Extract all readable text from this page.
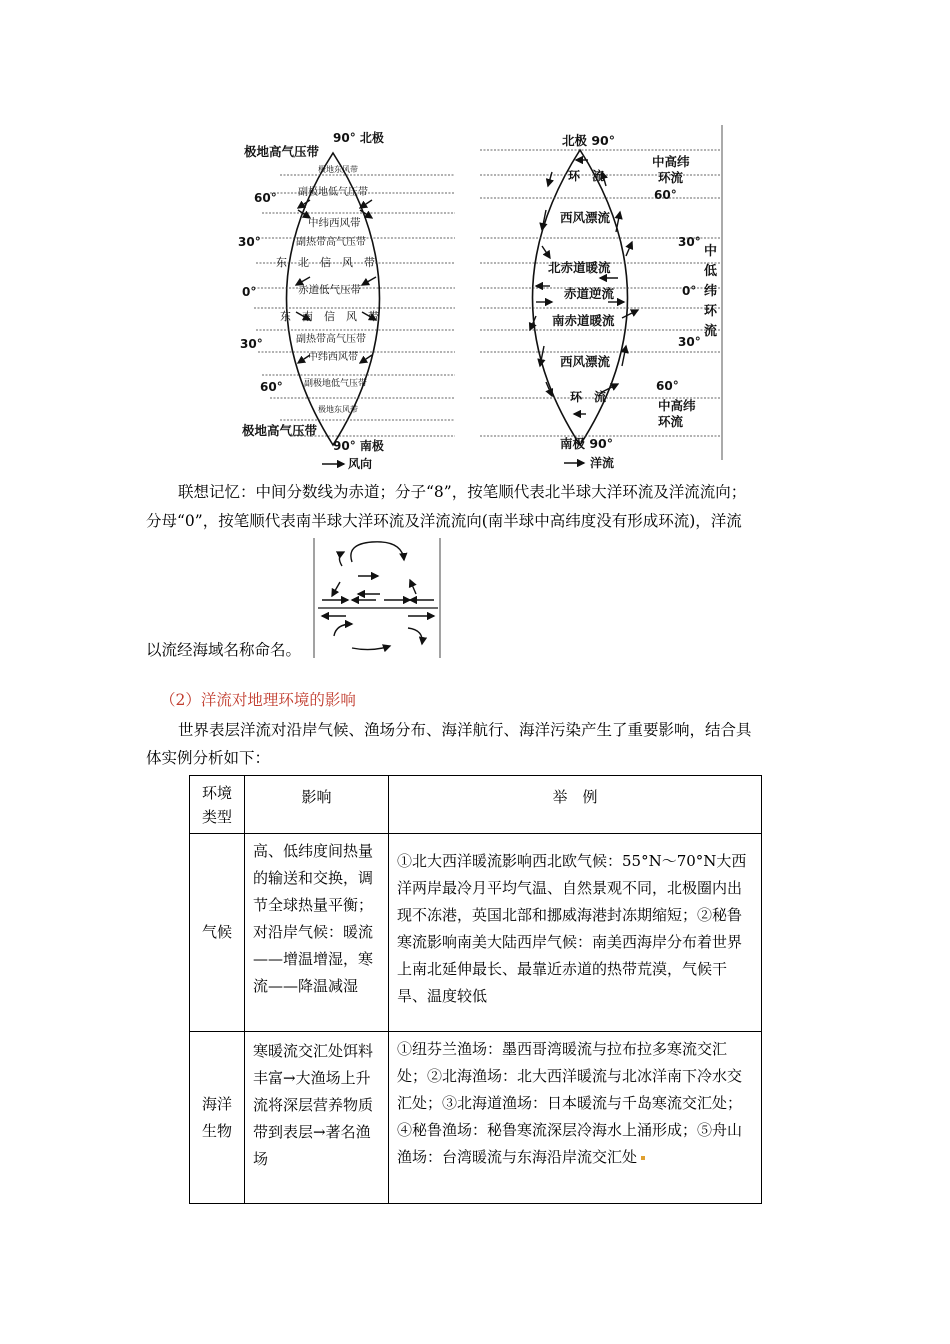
90° 北极
极地高气压带
极地东风带
副极地低气压带
中纬西风带
副热带高气压带
东　北　信　风　带
赤道低气压带
东　南　信　风　带
副热带高气压带
中纬西风带
副极地低气压带
极地东风带
60°
30°
0°
30°
60°
极地高气压带
90° 南极
风向
北极 90°
环　流
西风漂流
北赤道暖流
赤道逆流
南赤道暖流
西风漂流
环　流
中高纬
环流
60°
30°
0°
30°
中
低
纬
环
流
60°
中高纬
环流
南极 90°
洋流
联想记忆：中间分数线为赤道；分子“8”，按笔顺代表北半球大洋环流及洋流流向；
分母“0”，按笔顺代表南半球大洋环流及洋流流向(南半球中高纬度没有形成环流)，洋流
以流经海域名称命名。
（2）洋流对地理环境的影响
世界表层洋流对沿岸气候、渔场分布、海洋航行、海洋污染产生了重要影响，结合具
体实例分析如下：
环境类型	影响	举　例
气候	高、低纬度间热量的输送和交换，调节全球热量平衡；对沿岸气候：暖流——增温增湿，寒流——降温减湿	①北大西洋暖流影响西北欧气候：55°N～70°N大西洋两岸最冷月平均气温、自然景观不同，北极圈内出现不冻港，英国北部和挪威海港封冻期缩短；②秘鲁寒流影响南美大陆西岸气候：南美西海岸分布着世界上南北延伸最长、最靠近赤道的热带荒漠，气候干旱、温度较低
海洋生物	寒暖流交汇处饵料丰富→大渔场上升流将深层营养物质带到表层→著名渔场	①纽芬兰渔场：墨西哥湾暖流与拉布拉多寒流交汇处；②北海渔场：北大西洋暖流与北冰洋南下冷水交汇处；③北海道渔场：日本暖流与千岛寒流交汇处；④秘鲁渔场：秘鲁寒流深层冷海水上涌形成；⑤舟山渔场：台湾暖流与东海沿岸流交汇处
